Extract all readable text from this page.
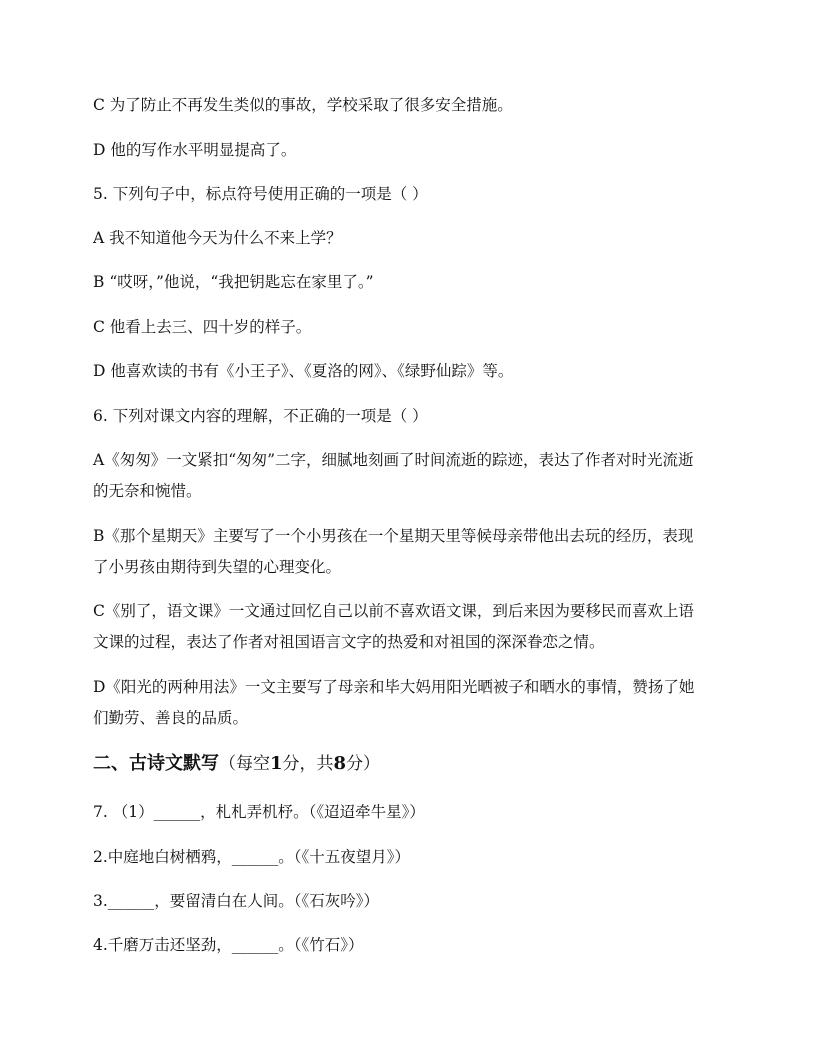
C 为了防止不再发生类似的事故，学校采取了很多安全措施。
D 他的写作水平明显提高了。
5. 下列句子中，标点符号使用正确的一项是（ ）
A 我不知道他今天为什么不来上学？
B “哎呀，”他说，“我把钥匙忘在家里了。”
C 他看上去三、四十岁的样子。
D 他喜欢读的书有《小王子》、《夏洛的网》、《绿野仙踪》等。
6. 下列对课文内容的理解，不正确的一项是（ ）
A《匆匆》一文紧扣“匆匆”二字，细腻地刻画了时间流逝的踪迹，表达了作者对时光流逝
的无奈和惋惜。
B《那个星期天》主要写了一个小男孩在一个星期天里等候母亲带他出去玩的经历，表现
了小男孩由期待到失望的心理变化。
C《别了，语文课》一文通过回忆自己以前不喜欢语文课，到后来因为要移民而喜欢上语
文课的过程，表达了作者对祖国语言文字的热爱和对祖国的深深眷恋之情。
D《阳光的两种用法》一文主要写了母亲和毕大妈用阳光晒被子和晒水的事情，赞扬了她
们勤劳、善良的品质。
二、古诗文默写（每空1分，共8分）
7. （1）______，札札弄机杼。（《迢迢牵牛星》）
2.中庭地白树栖鸦，______。（《十五夜望月》）
3.______，要留清白在人间。（《石灰吟》）
4.千磨万击还坚劲，______。（《竹石》）
